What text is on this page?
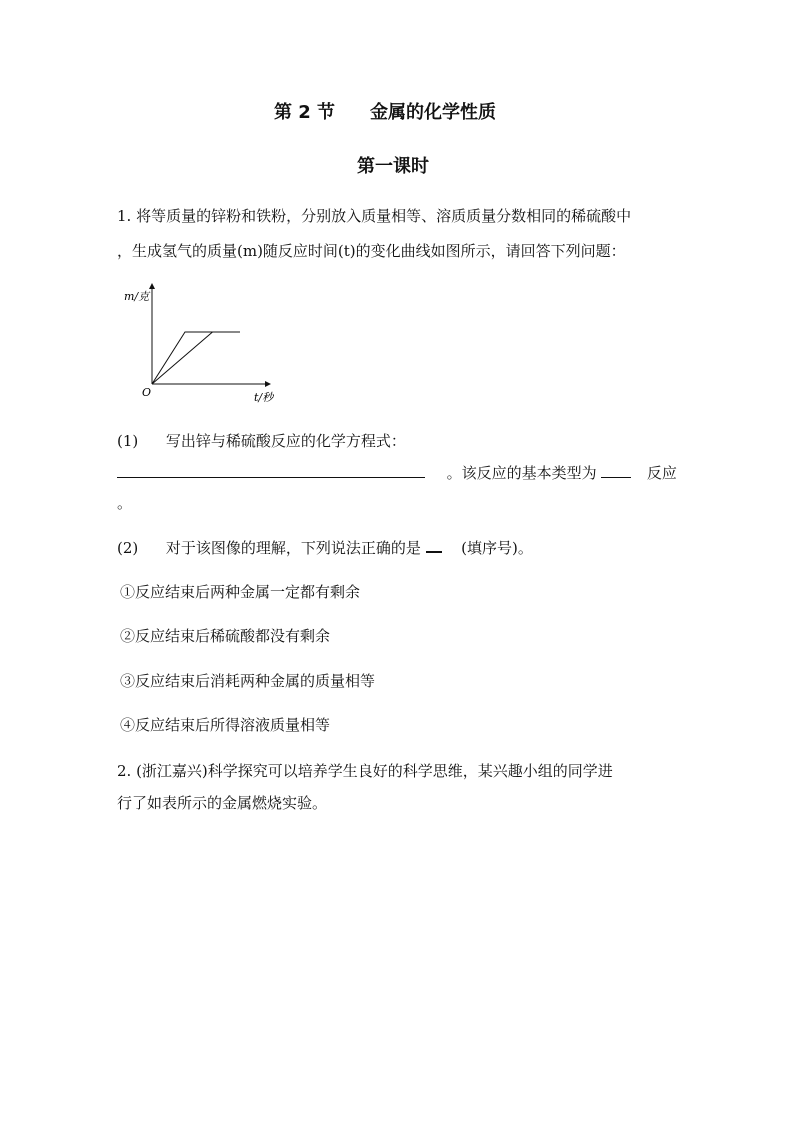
第 2 节 金属的化学性质
第一课时
1. 将等质量的锌粉和铁粉，分别放入质量相等、溶质质量分数相同的稀硫酸中
，生成氢气的质量(m)随反应时间(t)的变化曲线如图所示，请回答下列问题：
m/克
t/秒
O
(1) 写出锌与稀硫酸反应的化学方程式：
。该反应的基本类型为	反应
。
(2) 对于该图像的理解，下列说法正确的是	(填序号)。
①反应结束后两种金属一定都有剩余
②反应结束后稀硫酸都没有剩余
③反应结束后消耗两种金属的质量相等
④反应结束后所得溶液质量相等
2. (浙江嘉兴)科学探究可以培养学生良好的科学思维，某兴趣小组的同学进
行了如表所示的金属燃烧实验。
